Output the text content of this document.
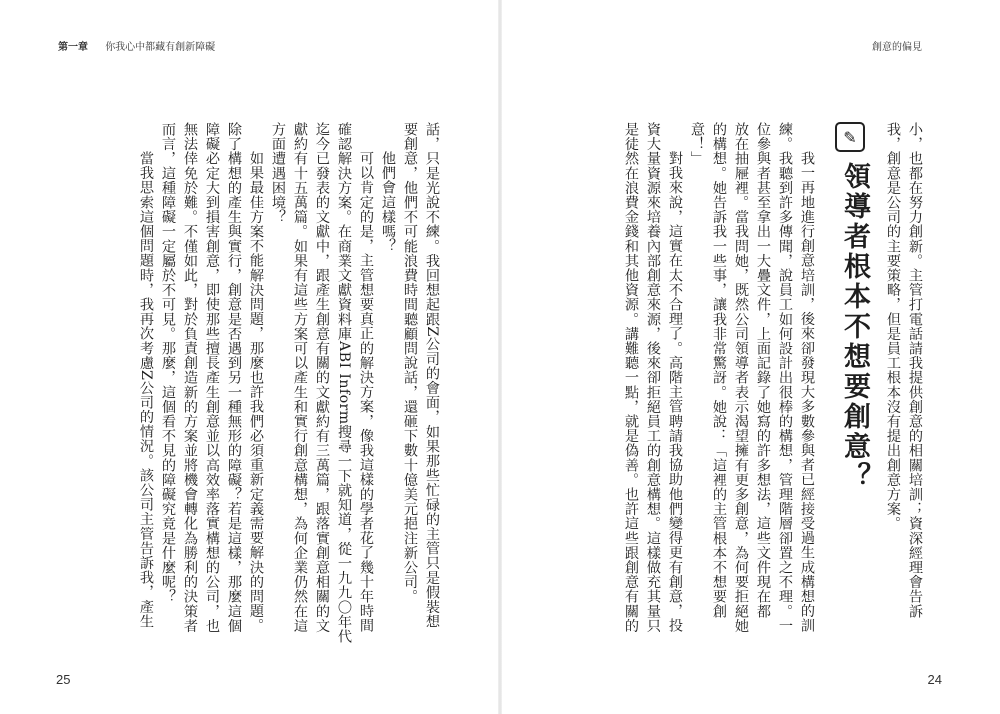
第一章 你我心中都藏有創新障礙	創意的偏見
小，也都在努力創新。主管打電話請我提供創意的相關培訓；資深經理會告訴
我，創意是公司的主要策略，但是員工根本沒有提出創意方案。
✎
領導者根本不想要創意？
我一再地進行創意培訓，後來卻發現大多數參與者已經接受過生成構想的訓
練。我聽到許多傳聞，說員工如何設計出很棒的構想，管理階層卻置之不理。一
位參與者甚至拿出一大疊文件，上面記錄了她寫的許多想法，這些文件現在都
放在抽屜裡。當我問她，既然公司領導者表示渴望擁有更多創意，為何要拒絕她
的構想。她告訴我一些事，讓我非常驚訝。她說：「這裡的主管根本不想要創
意！」
對我來說，這實在太不合理了。高階主管聘請我協助他們變得更有創意，投
資大量資源來培養內部創意來源，後來卻拒絕員工的創意構想。這樣做充其量只
是徒然在浪費金錢和其他資源。講難聽一點，就是偽善。也許這些跟創意有關的
話，只是光說不練。我回想起跟Z公司的會面，如果那些忙碌的主管只是假裝想
要創意，他們不可能浪費時間聽顧問說話，還砸下數十億美元挹注新公司。
他們會這樣嗎？
可以肯定的是，主管想要真正的解決方案，像我這樣的學者花了幾十年時間
確認解決方案。在商業文獻資料庫ABI Inform搜尋一下就知道，從一九九〇年代
迄今已發表的文獻中，跟產生創意有關的文獻約有三萬篇，跟落實創意相關的文
獻約有十五萬篇。如果有這些方案可以產生和實行創意構想，為何企業仍然在這
方面遭遇困境？
如果最佳方案不能解決問題，那麼也許我們必須重新定義需要解決的問題。
除了構想的產生與實行，創意是否遇到另一種無形的障礙？若是這樣，那麼這個
障礙必定大到損害創意，即使那些擅長產生創意並以高效率落實構想的公司，也
無法倖免於難。不僅如此，對於負責創造新的方案並將機會轉化為勝利的決策者
而言，這種障礙一定屬於不可見。那麼，這個看不見的障礙究竟是什麼呢？
當我思索這個問題時，我再次考慮Z公司的情況。該公司主管告訴我，產生
25	24
